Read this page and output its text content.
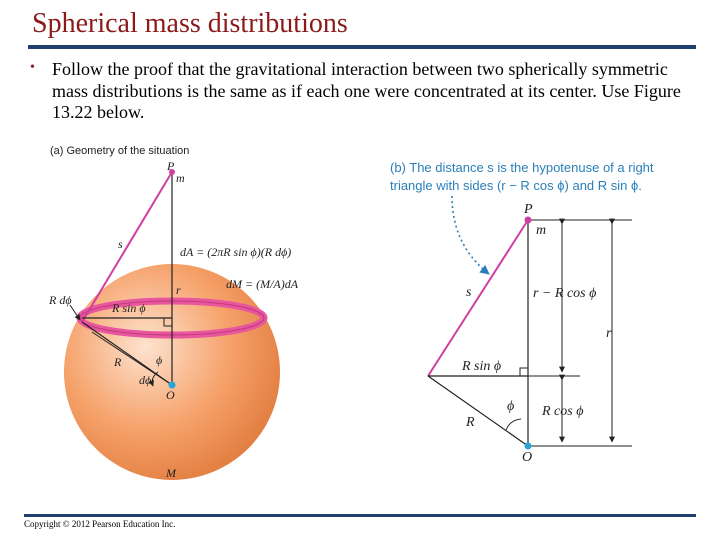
Spherical mass distributions
• Follow the proof that the gravitational interaction between two spherically symmetric mass distributions is the same as if each one were concentrated at its center. Use Figure 13.22 below.
(a) Geometry of the situation
P
m
s
dA = (2πR sin ϕ)(R dϕ)
r	dM = (M/A)dA
R dϕ
R sin ϕ
R	ϕ
dϕ
O
M
(b) The distance s is the hypotenuse of a right
triangle with sides (r − R cos ϕ) and R sin ϕ.
P
m
s	r − R cos ϕ
r
R sin ϕ
ϕ R cos ϕ
R
O
Copyright © 2012 Pearson Education Inc.
